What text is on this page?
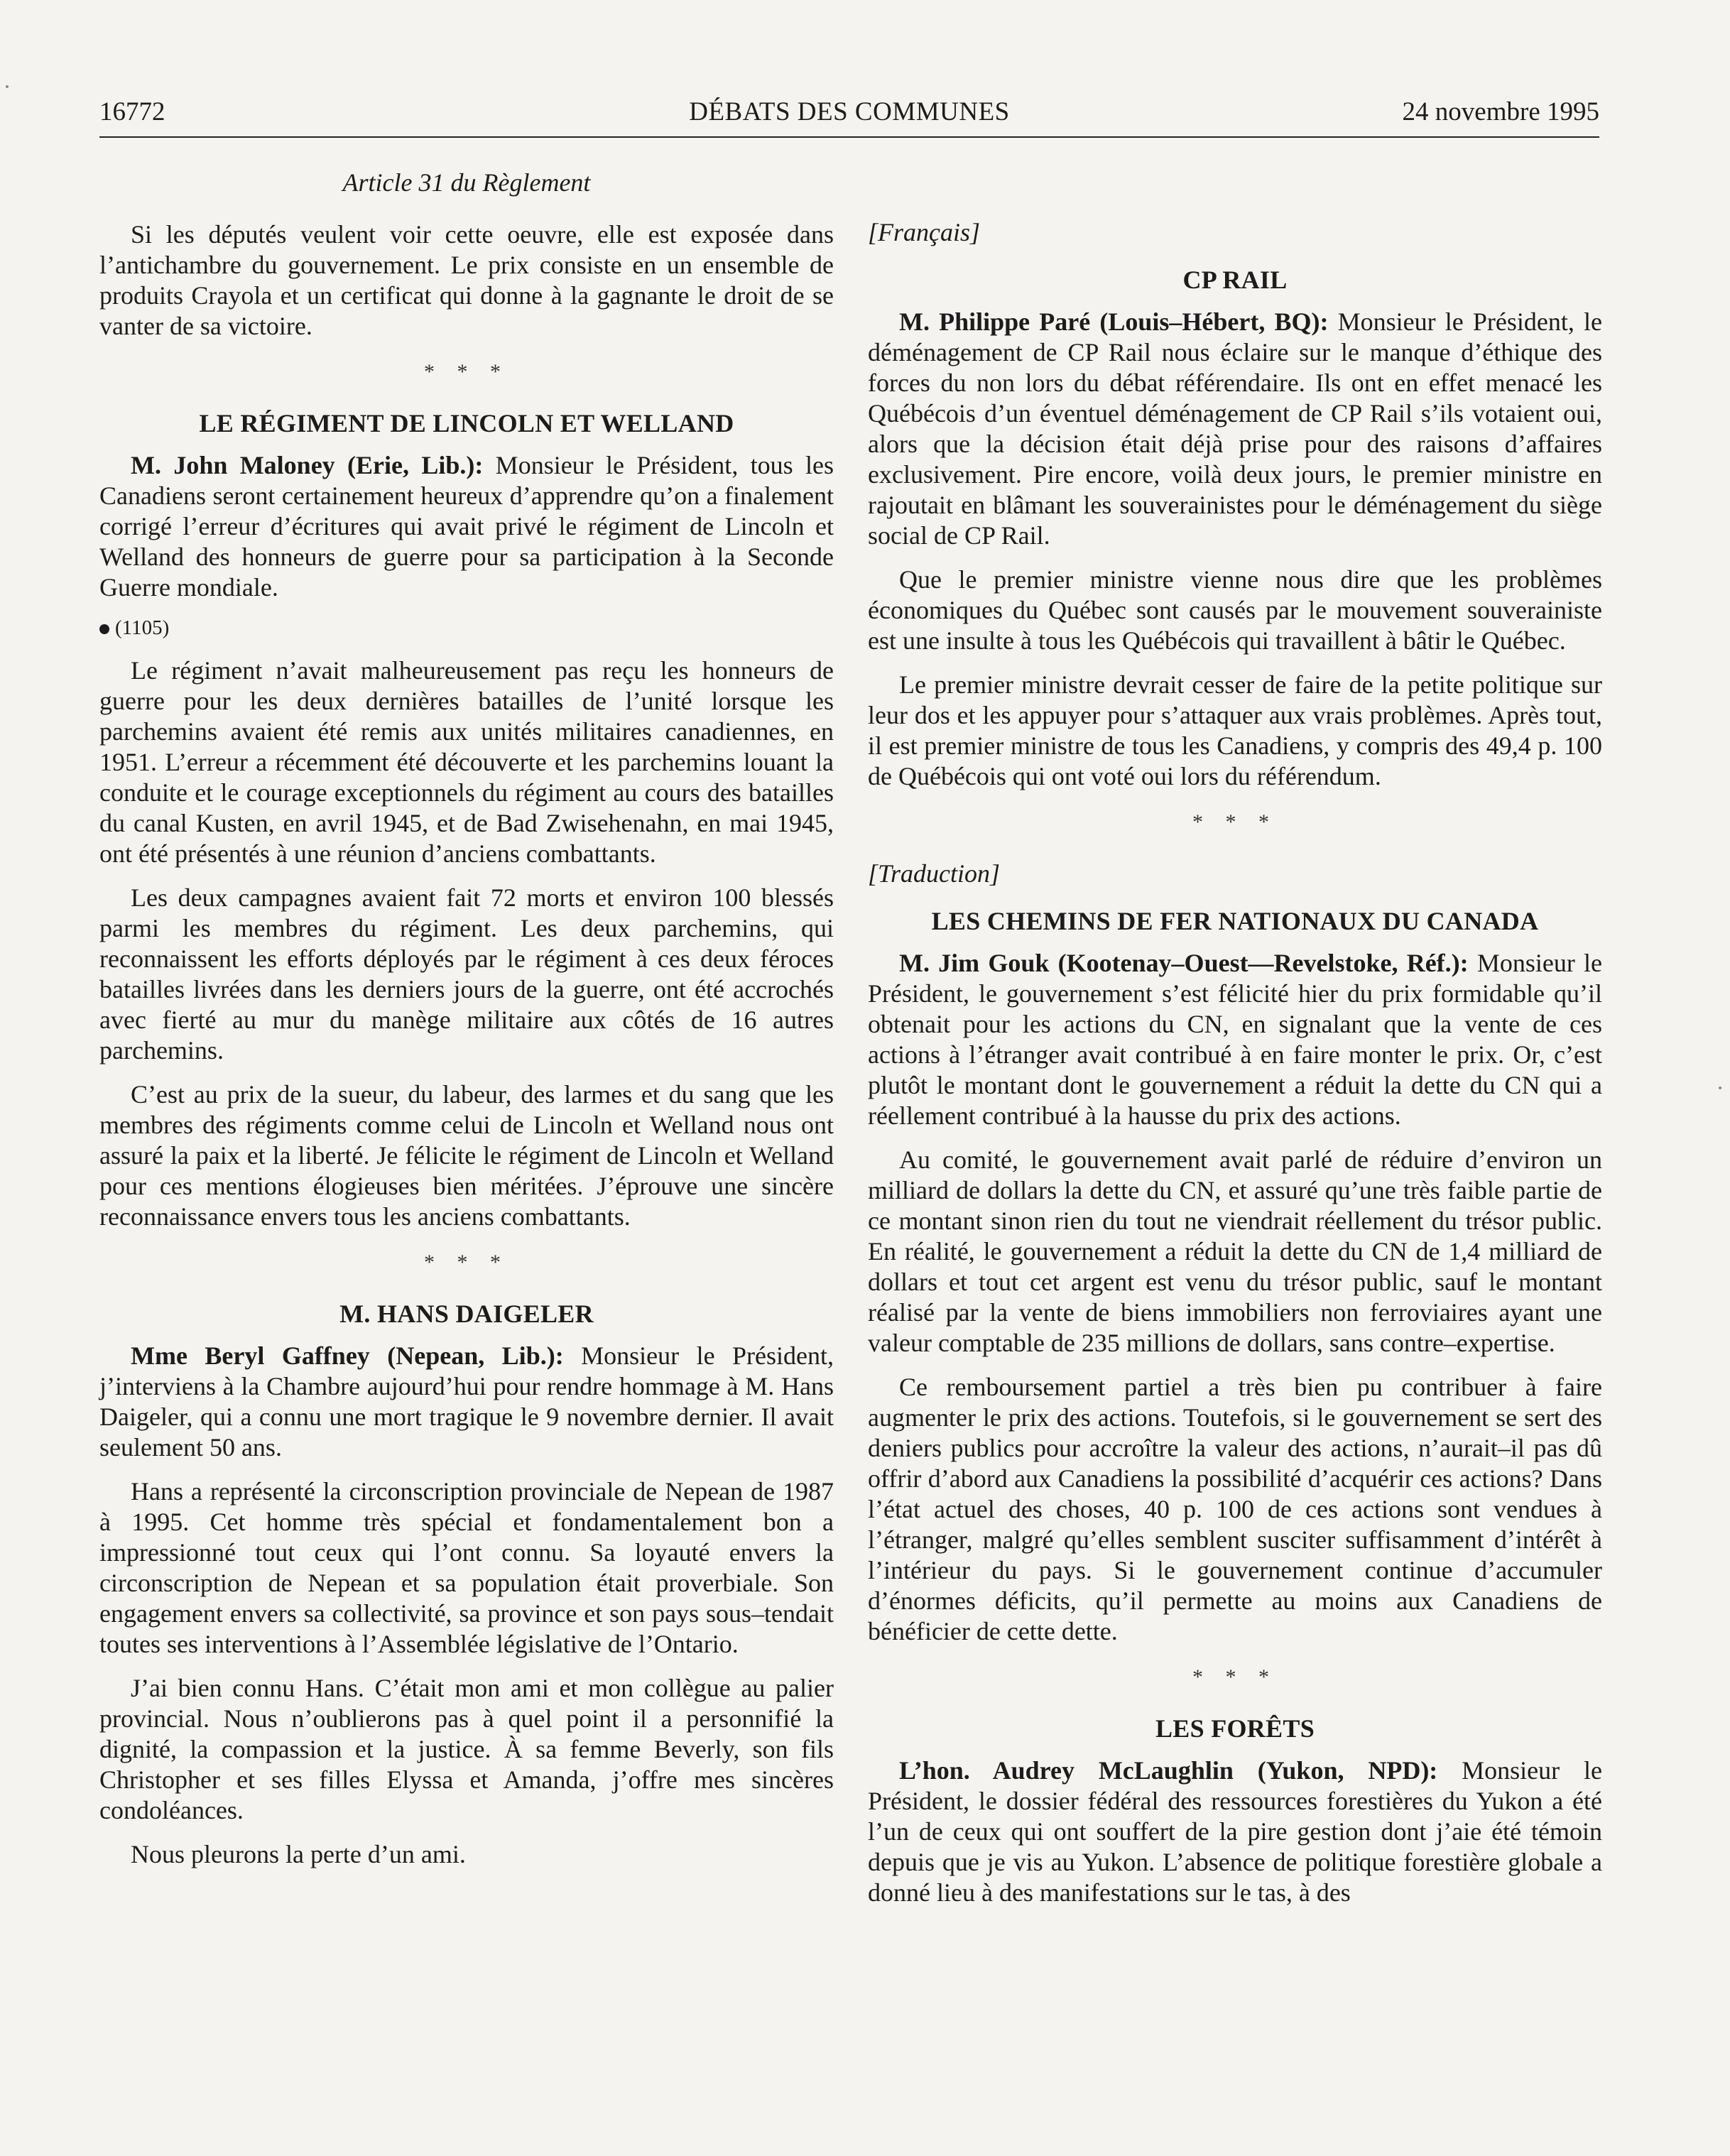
16772	DÉBATS DES COMMUNES	24 novembre 1995
Article 31 du Règlement

Si les députés veulent voir cette oeuvre, elle est exposée dans l’antichambre du gouvernement. Le prix consiste en un ensemble de produits Crayola et un certificat qui donne à la gagnante le droit de se vanter de sa victoire.

* * *
LE RÉGIMENT DE LINCOLN ET WELLAND

M. John Maloney (Erie, Lib.): Monsieur le Président, tous les Canadiens seront certainement heureux d’apprendre qu’on a finalement corrigé l’erreur d’écritures qui avait privé le régiment de Lincoln et Welland des honneurs de guerre pour sa participation à la Seconde Guerre mondiale.

(1105)

Le régiment n’avait malheureusement pas reçu les honneurs de guerre pour les deux dernières batailles de l’unité lorsque les parchemins avaient été remis aux unités militaires canadiennes, en 1951. L’erreur a récemment été découverte et les parchemins louant la conduite et le courage exceptionnels du régiment au cours des batailles du canal Kusten, en avril 1945, et de Bad Zwisehenahn, en mai 1945, ont été présentés à une réunion d’anciens combattants.

Les deux campagnes avaient fait 72 morts et environ 100 blessés parmi les membres du régiment. Les deux parchemins, qui reconnaissent les efforts déployés par le régiment à ces deux féroces batailles livrées dans les derniers jours de la guerre, ont été accrochés avec fierté au mur du manège militaire aux côtés de 16 autres parchemins.

C’est au prix de la sueur, du labeur, des larmes et du sang que les membres des régiments comme celui de Lincoln et Welland nous ont assuré la paix et la liberté. Je félicite le régiment de Lincoln et Welland pour ces mentions élogieuses bien méritées. J’éprouve une sincère reconnaissance envers tous les anciens combattants.

* * *
M. HANS DAIGELER

Mme Beryl Gaffney (Nepean, Lib.): Monsieur le Président, j’interviens à la Chambre aujourd’hui pour rendre hommage à M. Hans Daigeler, qui a connu une mort tragique le 9 novembre dernier. Il avait seulement 50 ans.

Hans a représenté la circonscription provinciale de Nepean de 1987 à 1995. Cet homme très spécial et fondamentalement bon a impressionné tout ceux qui l’ont connu. Sa loyauté envers la circonscription de Nepean et sa population était proverbiale. Son engagement envers sa collectivité, sa province et son pays sous–tendait toutes ses interventions à l’Assemblée législative de l’Ontario.

J’ai bien connu Hans. C’était mon ami et mon collègue au palier provincial. Nous n’oublierons pas à quel point il a personnifié la dignité, la compassion et la justice. À sa femme Beverly, son fils Christopher et ses filles Elyssa et Amanda, j’offre mes sincères condoléances.

Nous pleurons la perte d’un ami.

[Français]
CP RAIL

M. Philippe Paré (Louis–Hébert, BQ): Monsieur le Président, le déménagement de CP Rail nous éclaire sur le manque d’éthique des forces du non lors du débat référendaire. Ils ont en effet menacé les Québécois d’un éventuel déménagement de CP Rail s’ils votaient oui, alors que la décision était déjà prise pour des raisons d’affaires exclusivement. Pire encore, voilà deux jours, le premier ministre en rajoutait en blâmant les souverainistes pour le déménagement du siège social de CP Rail.

Que le premier ministre vienne nous dire que les problèmes économiques du Québec sont causés par le mouvement souverainiste est une insulte à tous les Québécois qui travaillent à bâtir le Québec.

Le premier ministre devrait cesser de faire de la petite politique sur leur dos et les appuyer pour s’attaquer aux vrais problèmes. Après tout, il est premier ministre de tous les Canadiens, y compris des 49,4 p. 100 de Québécois qui ont voté oui lors du référendum.

* * *
[Traduction]
LES CHEMINS DE FER NATIONAUX DU CANADA

M. Jim Gouk (Kootenay–Ouest—Revelstoke, Réf.): Monsieur le Président, le gouvernement s’est félicité hier du prix formidable qu’il obtenait pour les actions du CN, en signalant que la vente de ces actions à l’étranger avait contribué à en faire monter le prix. Or, c’est plutôt le montant dont le gouvernement a réduit la dette du CN qui a réellement contribué à la hausse du prix des actions.

Au comité, le gouvernement avait parlé de réduire d’environ un milliard de dollars la dette du CN, et assuré qu’une très faible partie de ce montant sinon rien du tout ne viendrait réellement du trésor public. En réalité, le gouvernement a réduit la dette du CN de 1,4 milliard de dollars et tout cet argent est venu du trésor public, sauf le montant réalisé par la vente de biens immobiliers non ferroviaires ayant une valeur comptable de 235 millions de dollars, sans contre–expertise.

Ce remboursement partiel a très bien pu contribuer à faire augmenter le prix des actions. Toutefois, si le gouvernement se sert des deniers publics pour accroître la valeur des actions, n’aurait–il pas dû offrir d’abord aux Canadiens la possibilité d’acquérir ces actions? Dans l’état actuel des choses, 40 p. 100 de ces actions sont vendues à l’étranger, malgré qu’elles semblent susciter suffisamment d’intérêt à l’intérieur du pays. Si le gouvernement continue d’accumuler d’énormes déficits, qu’il permette au moins aux Canadiens de bénéficier de cette dette.

* * *
LES FORÊTS

L’hon. Audrey McLaughlin (Yukon, NPD): Monsieur le Président, le dossier fédéral des ressources forestières du Yukon a été l’un de ceux qui ont souffert de la pire gestion dont j’aie été témoin depuis que je vis au Yukon. L’absence de politique forestière globale a donné lieu à des manifestations sur le tas, à des
